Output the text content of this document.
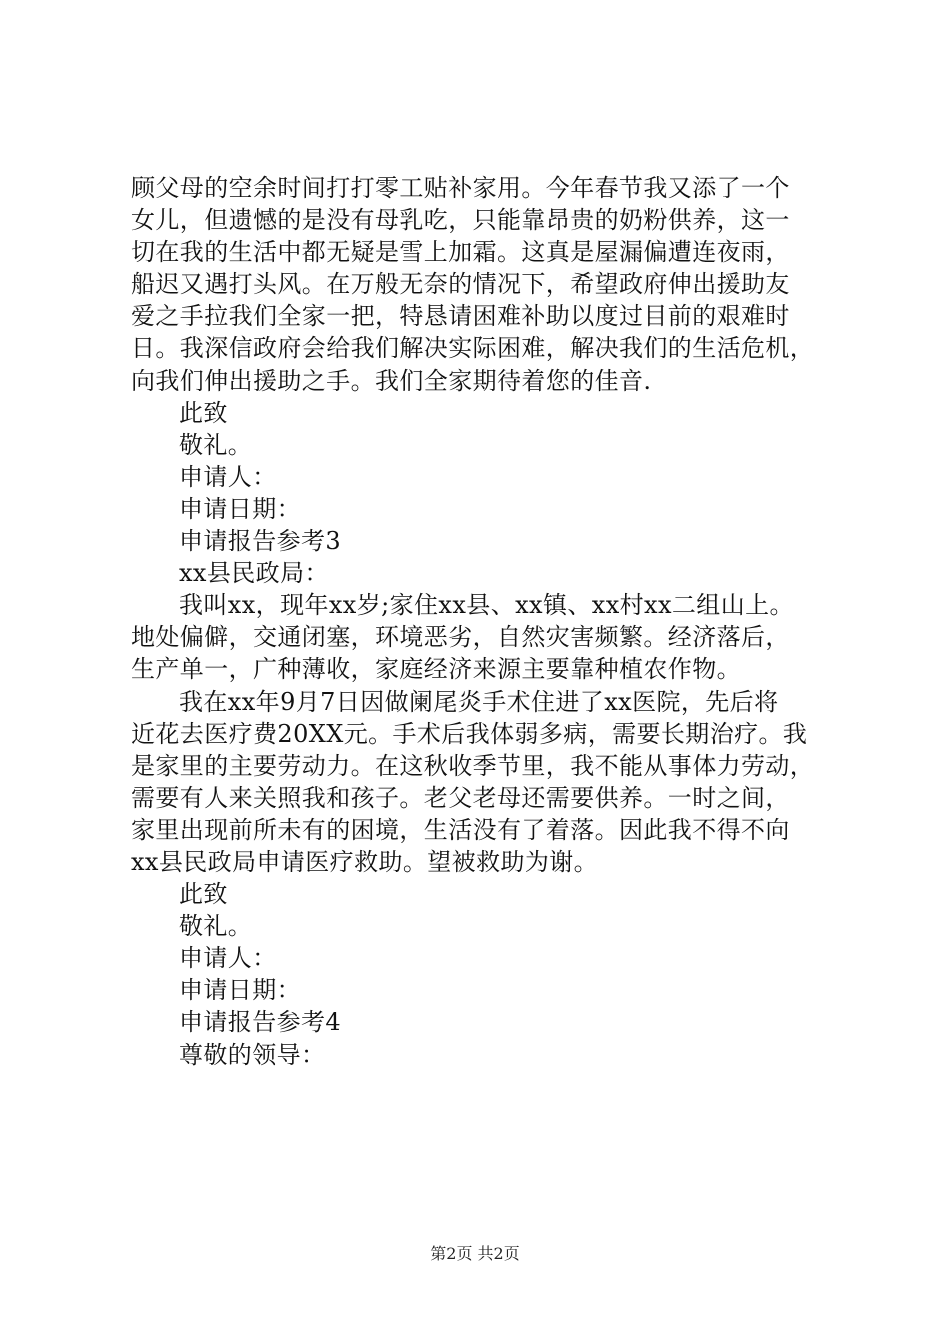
顾父母的空余时间打打零工贴补家用。今年春节我又添了一个
女儿，但遗憾的是没有母乳吃，只能靠昂贵的奶粉供养，这一
切在我的生活中都无疑是雪上加霜。这真是屋漏偏遭连夜雨，
船迟又遇打头风。在万般无奈的情况下，希望政府伸出援助友
爱之手拉我们全家一把，特恳请困难补助以度过目前的艰难时
日。我深信政府会给我们解决实际困难，解决我们的生活危机，
向我们伸出援助之手。我们全家期待着您的佳音.
此致
敬礼。
申请人：
申请日期：
申请报告参考3
xx县民政局：
我叫xx，现年xx岁;家住xx县、xx镇、xx村xx二组山上。
地处偏僻，交通闭塞，环境恶劣，自然灾害频繁。经济落后，
生产单一，广种薄收，家庭经济来源主要靠种植农作物。
我在xx年9月7日因做阑尾炎手术住进了xx医院，先后将
近花去医疗费20XX元。手术后我体弱多病，需要长期治疗。我
是家里的主要劳动力。在这秋收季节里，我不能从事体力劳动，
需要有人来关照我和孩子。老父老母还需要供养。一时之间，
家里出现前所未有的困境，生活没有了着落。因此我不得不向
xx县民政局申请医疗救助。望被救助为谢。
此致
敬礼。
申请人：
申请日期：
申请报告参考4
尊敬的领导：
第2页 共2页
